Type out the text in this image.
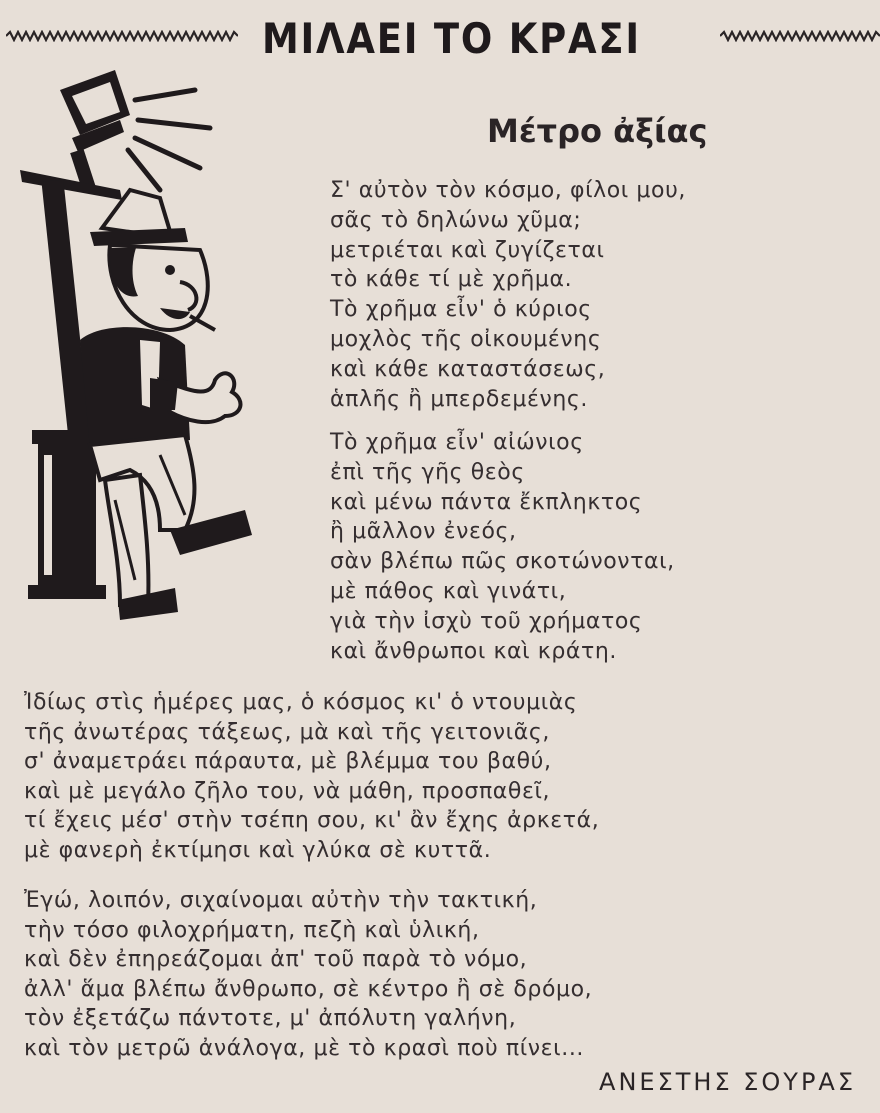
ΜΙΛΑΕΙ ΤΟ ΚΡΑΣΙ
Μέτρο ἀξίας
Σ' αὐτὸν τὸν κόσμο, φίλοι μου,
σᾶς τὸ δηλώνω χῦμα;
μετριέται καὶ ζυγίζεται
τὸ κάθε τί μὲ χρῆμα.
Τὸ χρῆμα εἶν' ὁ κύριος
μοχλὸς τῆς οἰκουμένης
καὶ κάθε καταστάσεως,
ἁπλῆς ἢ μπερδεμένης.
Τὸ χρῆμα εἶν' αἰώνιος
ἐπὶ τῆς γῆς θεὸς
καὶ μένω πάντα ἔκπληκτος
ἢ μᾶλλον ἐνεός,
σὰν βλέπω πῶς σκοτώνονται,
μὲ πάθος καὶ γινάτι,
γιὰ τὴν ἰσχὺ τοῦ χρήματος
καὶ ἄνθρωποι καὶ κράτη.
Ἰδίως στὶς ἡμέρες μας, ὁ κόσμος κι' ὁ ντουμιὰς
τῆς ἀνωτέρας τάξεως, μὰ καὶ τῆς γειτονιᾶς,
σ' ἀναμετράει πάραυτα, μὲ βλέμμα του βαθύ,
καὶ μὲ μεγάλο ζῆλο του, νὰ μάθη, προσπαθεῖ,
τί ἔχεις μέσ' στὴν τσέπη σου, κι' ἂν ἔχης ἀρκετά,
μὲ φανερὴ ἐκτίμησι καὶ γλύκα σὲ κυττᾶ.
Ἐγώ, λοιπόν, σιχαίνομαι αὐτὴν τὴν τακτική,
τὴν τόσο φιλοχρήματη, πεζὴ καὶ ὑλική,
καὶ δὲν ἐπηρεάζομαι ἀπ' τοῦ παρὰ τὸ νόμο,
ἀλλ' ἅμα βλέπω ἄνθρωπο, σὲ κέντρο ἢ σὲ δρόμο,
τὸν ἐξετάζω πάντοτε, μ' ἀπόλυτη γαλήνη,
καὶ τὸν μετρῶ ἀνάλογα, μὲ τὸ κρασὶ ποὺ πίνει...

ΑΝΕΣΤΗΣ ΣΟΥΡΑΣ
